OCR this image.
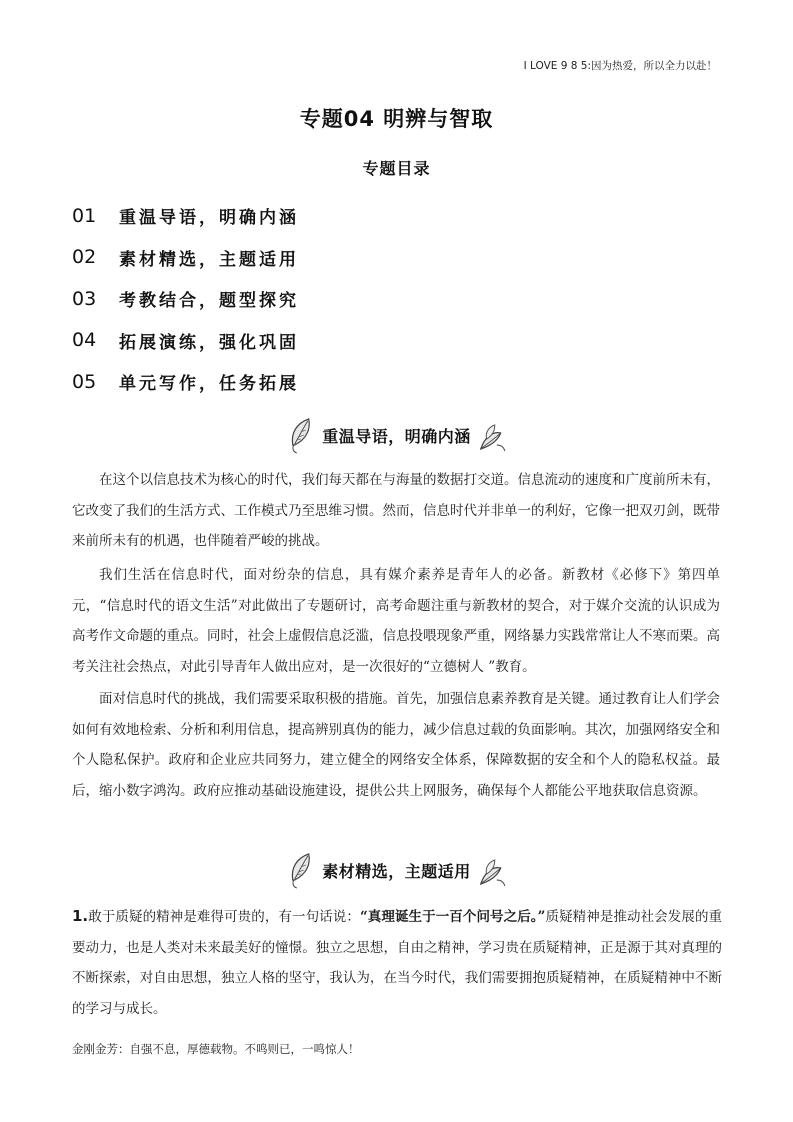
I LOVE 9 8 5:因为热爱，所以全力以赴！
专题04 明辨与智取
专题目录
01	重温导语，明确内涵
02	素材精选，主题适用
03	考教结合，题型探究
04	拓展演练，强化巩固
05	单元写作，任务拓展
重温导语，明确内涵

在这个以信息技术为核心的时代，我们每天都在与海量的数据打交道。信息流动的速度和广度前所未有，它改变了我们的生活方式、工作模式乃至思维习惯。然而，信息时代并非单一的利好，它像一把双刃剑，既带来前所未有的机遇，也伴随着严峻的挑战。

我们生活在信息时代，面对纷杂的信息，具有媒介素养是青年人的必备。新教材《必修下》第四单元，“信息时代的语文生活”对此做出了专题研讨，高考命题注重与新教材的契合，对于媒介交流的认识成为高考作文命题的重点。同时，社会上虚假信息泛滥，信息投喂现象严重，网络暴力实践常常让人不寒而栗。高考关注社会热点，对此引导青年人做出应对，是一次很好的“立德树人 ”教育。

面对信息时代的挑战，我们需要采取积极的措施。首先，加强信息素养教育是关键。通过教育让人们学会如何有效地检索、分析和利用信息，提高辨别真伪的能力，减少信息过载的负面影响。其次，加强网络安全和个人隐私保护。政府和企业应共同努力，建立健全的网络安全体系，保障数据的安全和个人的隐私权益。最后，缩小数字鸿沟。政府应推动基础设施建设，提供公共上网服务，确保每个人都能公平地获取信息资源。

素材精选，主题适用

1.敢于质疑的精神是难得可贵的，有一句话说：“真理诞生于一百个问号之后。”质疑精神是推动社会发展的重要动力，也是人类对未来最美好的憧憬。独立之思想，自由之精神，学习贵在质疑精神，正是源于其对真理的不断探索，对自由思想，独立人格的坚守，我认为，在当今时代，我们需要拥抱质疑精神，在质疑精神中不断的学习与成长。

金刚金芳：自强不息，厚德载物。不鸣则已，一鸣惊人！
